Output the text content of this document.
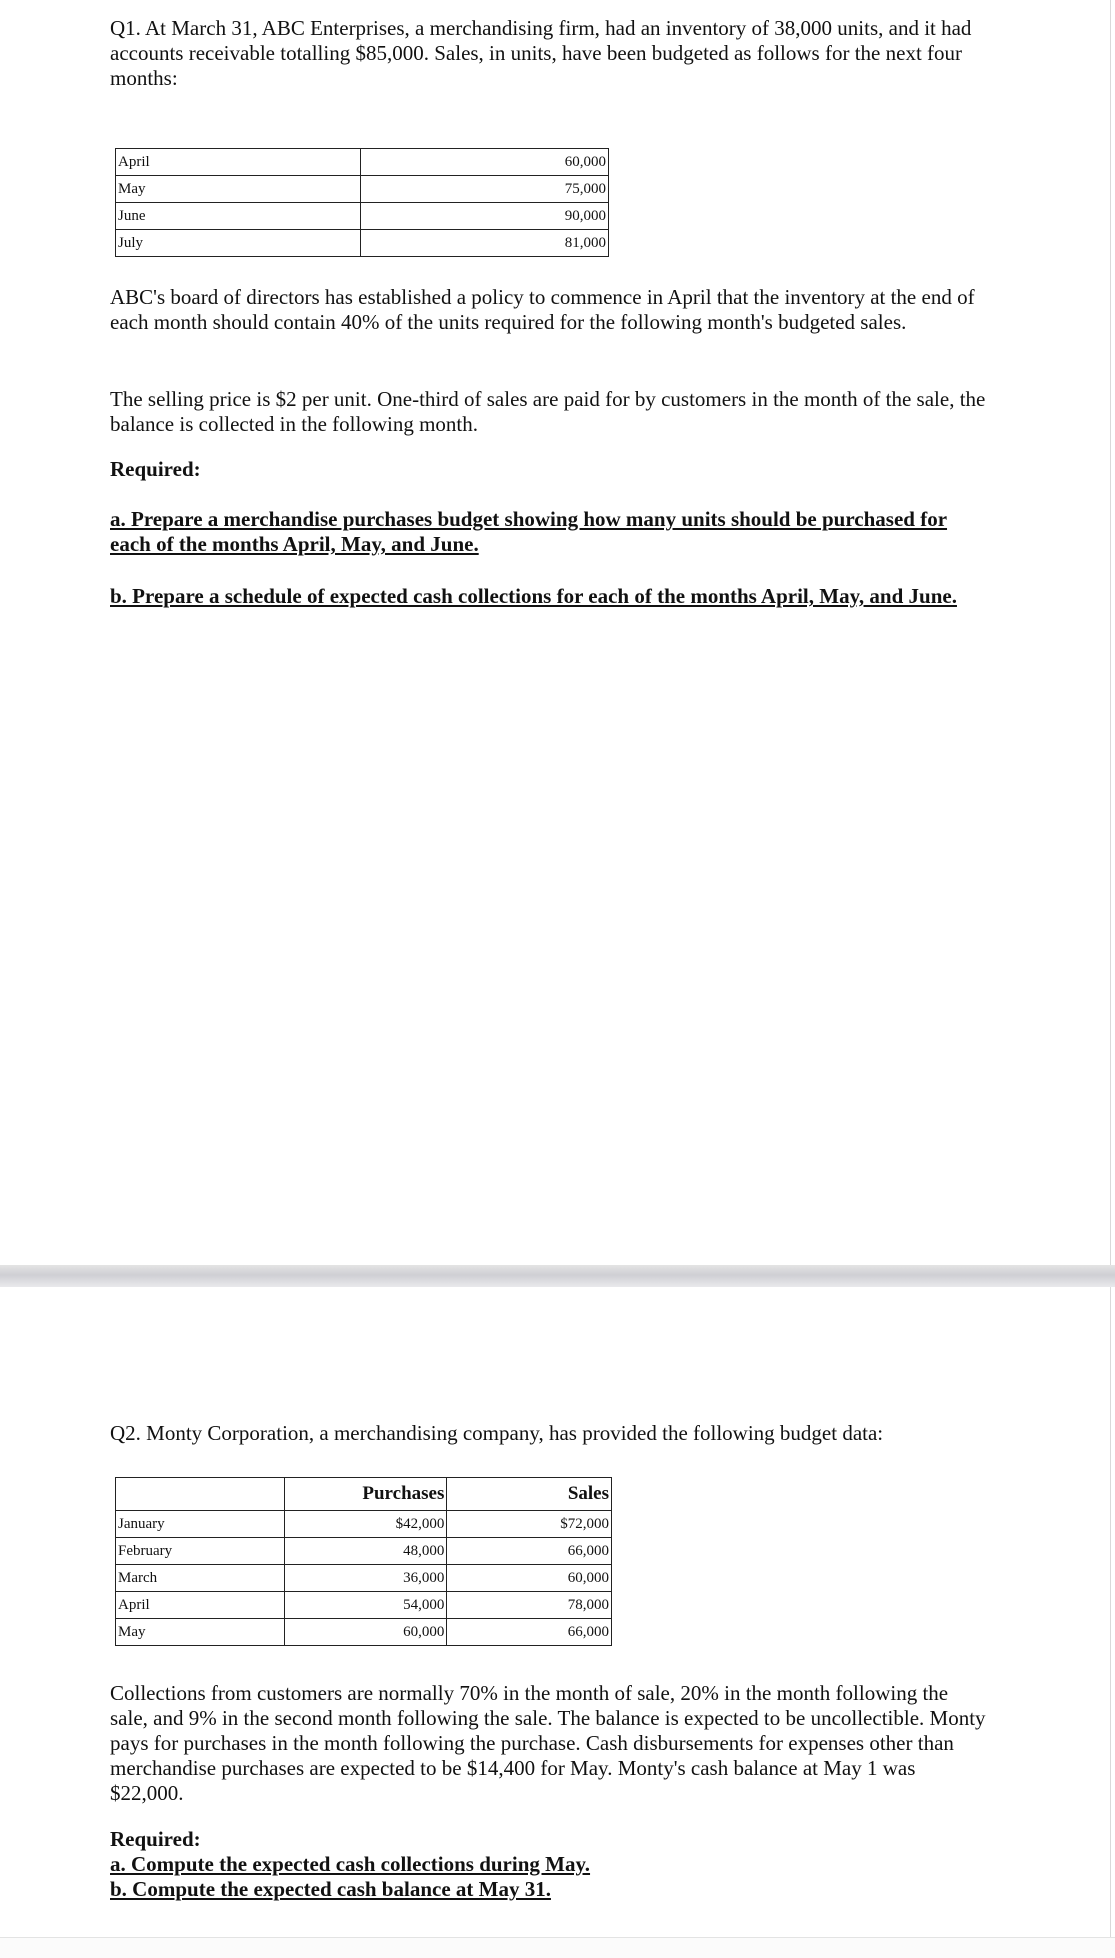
Q1. At March 31, ABC Enterprises, a merchandising firm, had an inventory of 38,000 units, and it had accounts receivable totalling $85,000. Sales, in units, have been budgeted as follows for the next four months:

April	60,000
May	75,000
June	90,000
July	81,000

ABC's board of directors has established a policy to commence in April that the inventory at the end of each month should contain 40% of the units required for the following month's budgeted sales.

The selling price is $2 per unit. One-third of sales are paid for by customers in the month of the sale, the balance is collected in the following month.

Required:

a. Prepare a merchandise purchases budget showing how many units should be purchased for each of the months April, May, and June.

b. Prepare a schedule of expected cash collections for each of the months April, May, and June.

Q2. Monty Corporation, a merchandising company, has provided the following budget data:

	Purchases	Sales
January	$42,000	$72,000
February	48,000	66,000
March	36,000	60,000
April	54,000	78,000
May	60,000	66,000

Collections from customers are normally 70% in the month of sale, 20% in the month following the sale, and 9% in the second month following the sale. The balance is expected to be uncollectible. Monty pays for purchases in the month following the purchase. Cash disbursements for expenses other than merchandise purchases are expected to be $14,400 for May. Monty's cash balance at May 1 was $22,000.

Required:

a. Compute the expected cash collections during May.

b. Compute the expected cash balance at May 31.
